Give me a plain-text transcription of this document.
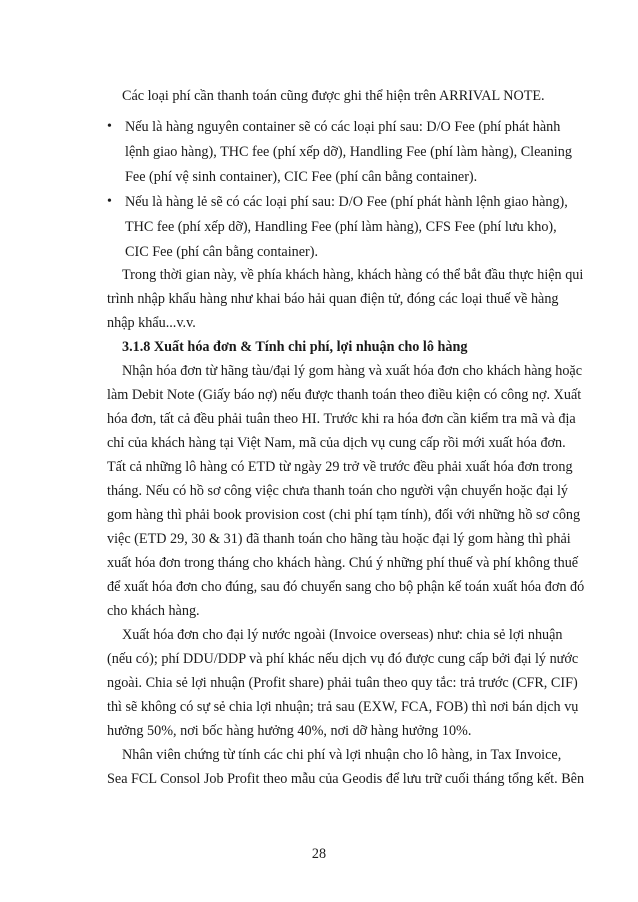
Các loại phí cần thanh toán cũng được ghi thể hiện trên ARRIVAL NOTE.
• Nếu là hàng nguyên container sẽ có các loại phí sau: D/O Fee (phí phát hành
lệnh giao hàng), THC fee (phí xếp dỡ), Handling Fee (phí làm hàng), Cleaning
Fee (phí vệ sinh container), CIC Fee (phí cân bằng container).
• Nếu là hàng lẻ sẽ có các loại phí sau: D/O Fee (phí phát hành lệnh giao hàng),
THC fee (phí xếp dỡ), Handling Fee (phí làm hàng), CFS Fee (phí lưu kho),
CIC Fee (phí cân bằng container).
Trong thời gian này, về phía khách hàng, khách hàng có thể bắt đầu thực hiện qui
trình nhập khẩu hàng như khai báo hải quan điện tử, đóng các loại thuế về hàng
nhập khẩu...v.v.
3.1.8 Xuất hóa đơn & Tính chi phí, lợi nhuận cho lô hàng
Nhận hóa đơn từ hãng tàu/đại lý gom hàng và xuất hóa đơn cho khách hàng hoặc
làm Debit Note (Giấy báo nợ) nếu được thanh toán theo điều kiện có công nợ. Xuất
hóa đơn, tất cả đều phải tuân theo HI. Trước khi ra hóa đơn cần kiểm tra mã và địa
chỉ của khách hàng tại Việt Nam, mã của dịch vụ cung cấp rồi mới xuất hóa đơn.
Tất cả những lô hàng có ETD từ ngày 29 trở về trước đều phải xuất hóa đơn trong
tháng. Nếu có hồ sơ công việc chưa thanh toán cho người vận chuyển hoặc đại lý
gom hàng thì phải book provision cost (chi phí tạm tính), đối với những hồ sơ công
việc (ETD 29, 30 & 31) đã thanh toán cho hãng tàu hoặc đại lý gom hàng thì phải
xuất hóa đơn trong tháng cho khách hàng. Chú ý những phí thuế và phí không thuế
để xuất hóa đơn cho đúng, sau đó chuyển sang cho bộ phận kế toán xuất hóa đơn đó
cho khách hàng.
Xuất hóa đơn cho đại lý nước ngoài (Invoice overseas) như: chia sẻ lợi nhuận
(nếu có); phí DDU/DDP và phí khác nếu dịch vụ đó được cung cấp bởi đại lý nước
ngoài. Chia sẻ lợi nhuận (Profit share) phải tuân theo quy tắc: trả trước (CFR, CIF)
thì sẽ không có sự sẻ chia lợi nhuận; trả sau (EXW, FCA, FOB) thì nơi bán dịch vụ
hưởng 50%, nơi bốc hàng hưởng 40%, nơi dỡ hàng hưởng 10%.
Nhân viên chứng từ tính các chi phí và lợi nhuận cho lô hàng, in Tax Invoice,
Sea FCL Consol Job Profit theo mẫu của Geodis để lưu trữ cuối tháng tổng kết. Bên
28
